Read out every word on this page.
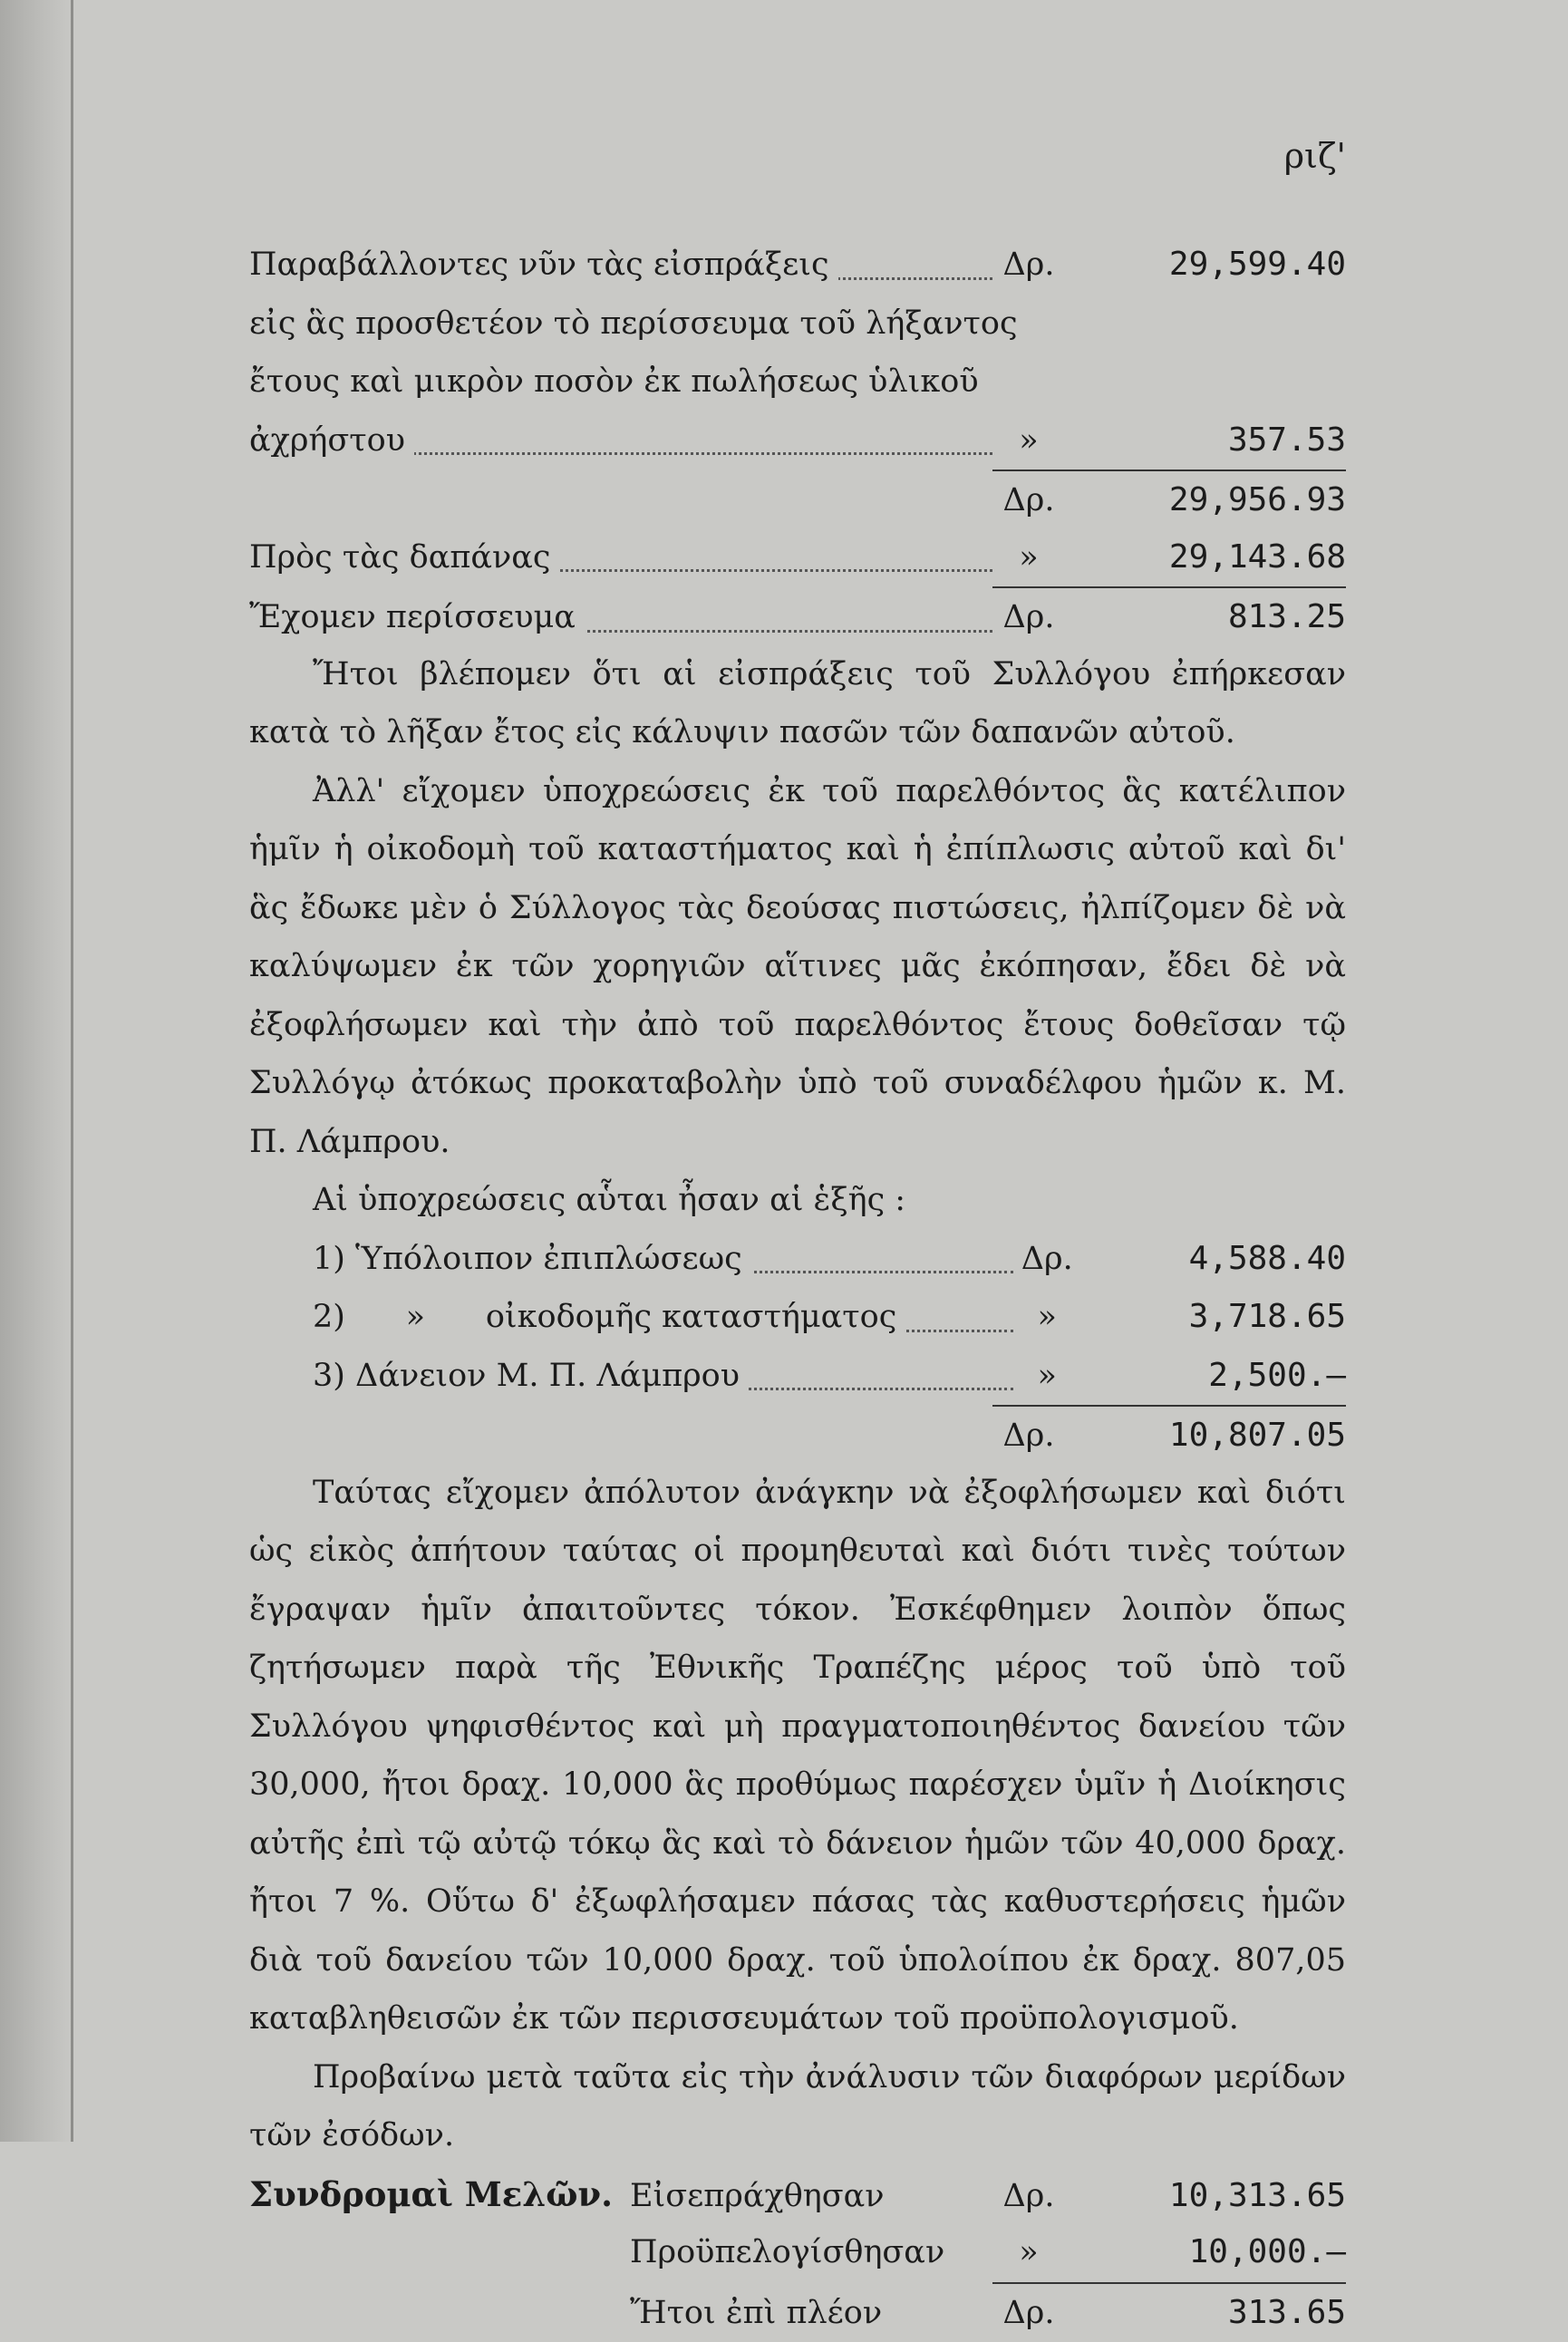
ριζ'
Παραβάλλοντες νῦν τὰς εἰσπράξεις	Δρ.	29,599.40
εἰς ἃς προσθετέον τὸ περίσσευμα τοῦ λήξαντος
ἔτους καὶ μικρὸν ποσὸν ἐκ πωλήσεως ὑλικοῦ
ἀχρήστου	»	357.53
Δρ.	29,956.93
Πρὸς τὰς δαπάνας	»	29,143.68
Ἔχομεν περίσσευμα	Δρ.	813.25
Ἤτοι βλέπομεν ὅτι αἱ εἰσπράξεις τοῦ Συλλόγου ἐπήρκεσαν κατὰ τὸ λῆξαν ἔτος εἰς κάλυψιν πασῶν τῶν δαπανῶν αὐτοῦ.
Ἀλλ' εἴχομεν ὑποχρεώσεις ἐκ τοῦ παρελθόντος ἃς κατέλιπον ἡμῖν ἡ οἰκοδομὴ τοῦ καταστήματος καὶ ἡ ἐπίπλωσις αὐτοῦ καὶ δι' ἃς ἔδωκε μὲν ὁ Σύλλογος τὰς δεούσας πιστώσεις, ἠλπίζομεν δὲ νὰ καλύψωμεν ἐκ τῶν χορηγιῶν αἵτινες μᾶς ἐκόπησαν, ἔδει δὲ νὰ ἐξοφλήσωμεν καὶ τὴν ἀπὸ τοῦ παρελθόντος ἔτους δοθεῖσαν τῷ Συλλόγῳ ἀτόκως προκαταβολὴν ὑπὸ τοῦ συναδέλφου ἡμῶν κ. Μ. Π. Λάμπρου.
Αἱ ὑποχρεώσεις αὗται ἦσαν αἱ ἑξῆς :
1) Ὑπόλοιπον ἐπιπλώσεως	Δρ.	4,588.40
2)      »      οἰκοδομῆς καταστήματος	»	3,718.65
3) Δάνειον Μ. Π. Λάμπρου	»	2,500.—
Δρ.	10,807.05
Ταύτας εἴχομεν ἀπόλυτον ἀνάγκην νὰ ἐξοφλήσωμεν καὶ διότι ὡς εἰκὸς ἀπήτουν ταύτας οἱ προμηθευταὶ καὶ διότι τινὲς τούτων ἔγραψαν ἡμῖν ἀπαιτοῦντες τόκον. Ἐσκέφθημεν λοιπὸν ὅπως ζητήσωμεν παρὰ τῆς Ἐθνικῆς Τραπέζης μέρος τοῦ ὑπὸ τοῦ Συλλόγου ψηφισθέντος καὶ μὴ πραγματοποιηθέντος δανείου τῶν 30,000, ἤτοι δραχ. 10,000 ἃς προθύμως παρέσχεν ὑμῖν ἡ Διοίκησις αὐτῆς ἐπὶ τῷ αὐτῷ τόκῳ ἃς καὶ τὸ δάνειον ἡμῶν τῶν 40,000 δραχ. ἤτοι 7 %. Οὕτω δ' ἐξωφλήσαμεν πάσας τὰς καθυστερήσεις ἡμῶν διὰ τοῦ δανείου τῶν 10,000 δραχ. τοῦ ὑπολοίπου ἐκ δραχ. 807,05 καταβληθεισῶν ἐκ τῶν περισσευμάτων τοῦ προϋπολογισμοῦ.
Προβαίνω μετὰ ταῦτα εἰς τὴν ἀνάλυσιν τῶν διαφόρων μερίδων τῶν ἐσόδων.
Συνδρομαὶ Μελῶν. Εἰσεπράχθησαν	Δρ.	10,313.65
Προϋπελογίσθησαν	»	10,000.—
Ἤτοι ἐπὶ πλέον	Δρ.	313.65
